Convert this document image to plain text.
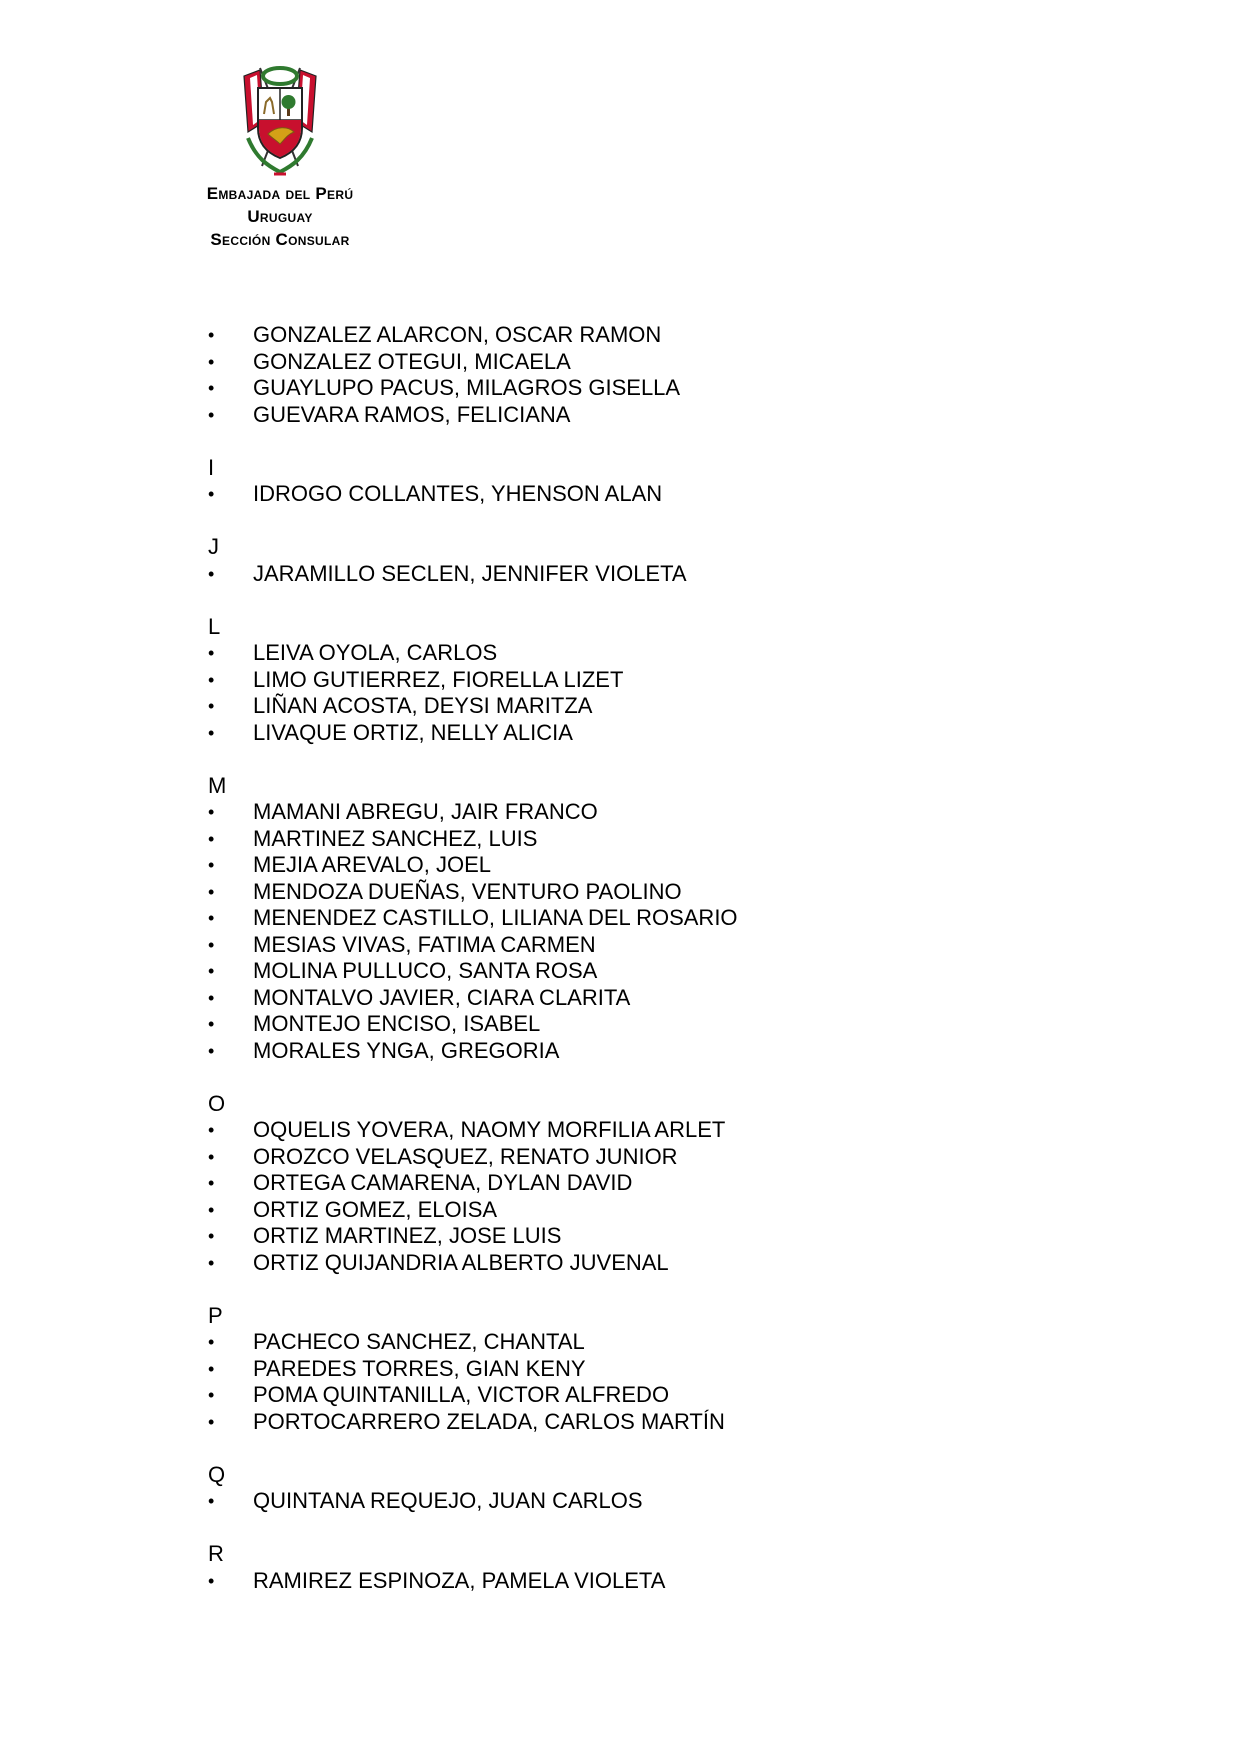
Embajada del Perú

Uruguay

Sección Consular

•	GONZALEZ ALARCON, OSCAR RAMON
•	GONZALEZ OTEGUI, MICAELA
•	GUAYLUPO PACUS, MILAGROS GISELLA
•	GUEVARA RAMOS, FELICIANA
I
•	IDROGO COLLANTES, YHENSON ALAN
J
•	JARAMILLO SECLEN, JENNIFER VIOLETA
L
•	LEIVA OYOLA, CARLOS
•	LIMO GUTIERREZ, FIORELLA LIZET
•	LIÑAN ACOSTA, DEYSI MARITZA
•	LIVAQUE ORTIZ, NELLY ALICIA
M
•	MAMANI ABREGU, JAIR FRANCO
•	MARTINEZ SANCHEZ, LUIS
•	MEJIA AREVALO, JOEL
•	MENDOZA DUEÑAS, VENTURO PAOLINO
•	MENENDEZ CASTILLO, LILIANA DEL ROSARIO
•	MESIAS VIVAS, FATIMA CARMEN
•	MOLINA PULLUCO, SANTA ROSA
•	MONTALVO JAVIER, CIARA CLARITA
•	MONTEJO ENCISO, ISABEL
•	MORALES YNGA, GREGORIA
O
•	OQUELIS YOVERA, NAOMY MORFILIA ARLET
•	OROZCO VELASQUEZ, RENATO JUNIOR
•	ORTEGA CAMARENA, DYLAN DAVID
•	ORTIZ GOMEZ, ELOISA
•	ORTIZ MARTINEZ, JOSE LUIS
•	ORTIZ QUIJANDRIA ALBERTO JUVENAL
P
•	PACHECO SANCHEZ, CHANTAL
•	PAREDES TORRES, GIAN KENY
•	POMA QUINTANILLA, VICTOR ALFREDO
•	PORTOCARRERO ZELADA, CARLOS MARTÍN
Q
•	QUINTANA REQUEJO, JUAN CARLOS
R
•	RAMIREZ ESPINOZA, PAMELA VIOLETA
